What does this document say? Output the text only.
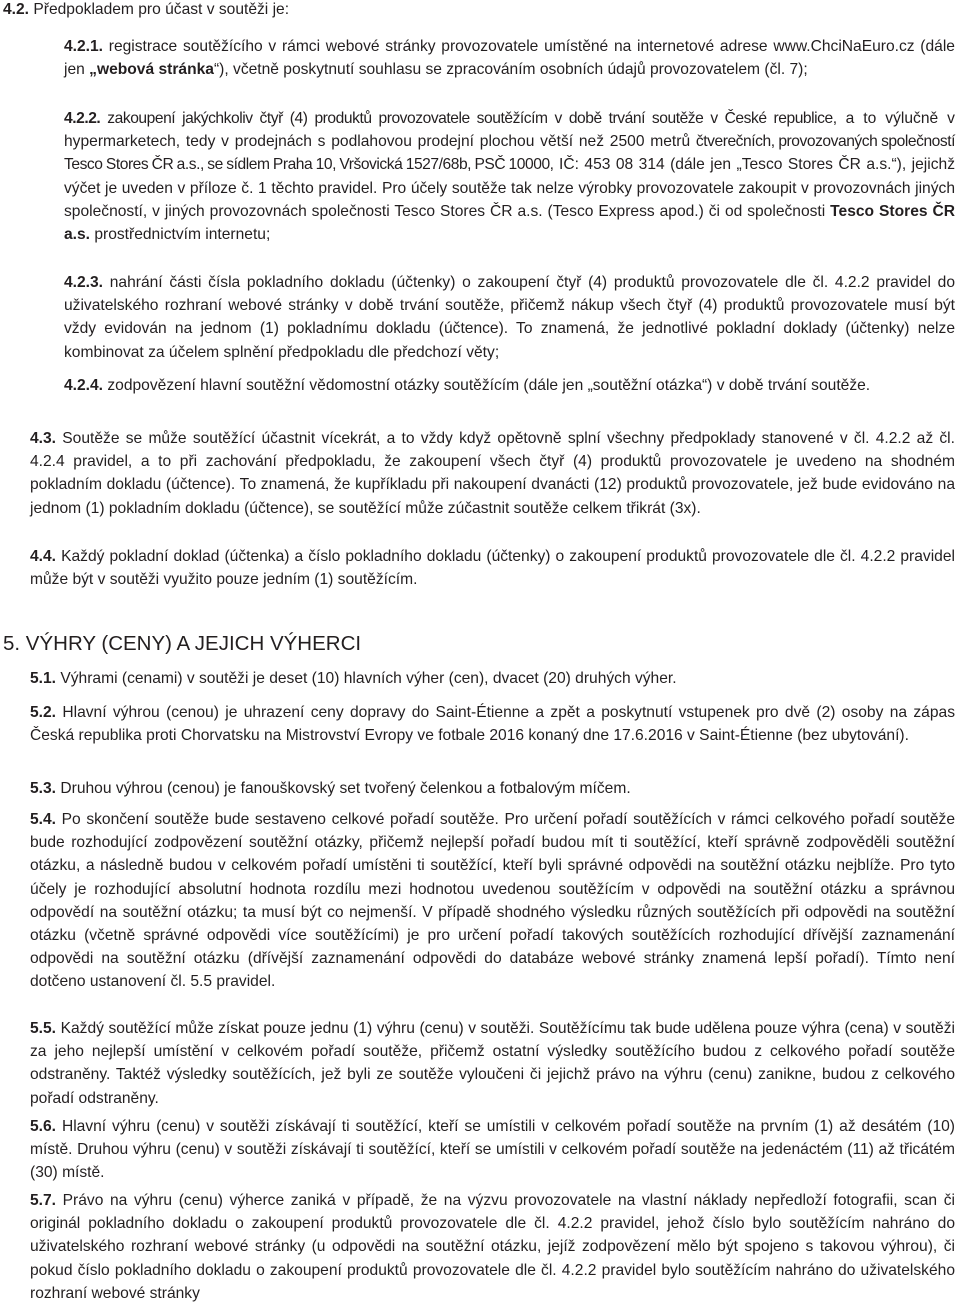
4.2. Předpokladem pro účast v soutěži je:

4.2.1. registrace soutěžícího v rámci webové stránky provozovatele umístěné na internetové adrese www.ChciNaEuro.cz (dále jen „webová stránka“), včetně poskytnutí souhlasu se zpracováním osobních údajů provozovatelem (čl. 7);

4.2.2. zakoupení jakýchkoliv čtyř (4) produktů provozovatele soutěžícím v době trvání soutěže v České republice, a to výlučně v hypermarketech, tedy v prodejnách s podlahovou prodejní plochou větší než 2500 metrů čtverečních, provozovaných společností Tesco Stores ČR a.s., se sídlem Praha 10, Vršovická 1527/68b, PSČ 10000, IČ: 453 08 314 (dále jen „Tesco Stores ČR a.s.“), jejichž výčet je uveden v příloze č. 1 těchto pravidel. Pro účely soutěže tak nelze výrobky provozovatele zakoupit v provozovnách jiných společností, v jiných provozovnách společnosti Tesco Stores ČR a.s. (Tesco Express apod.) či od společnosti Tesco Stores ČR a.s. prostřednictvím internetu;

4.2.3. nahrání části čísla pokladního dokladu (účtenky) o zakoupení čtyř (4) produktů provozovatele dle čl. 4.2.2 pravidel do uživatelského rozhraní webové stránky v době trvání soutěže, přičemž nákup všech čtyř (4) produktů provozovatele musí být vždy evidován na jednom (1) pokladnímu dokladu (účtence). To znamená, že jednotlivé pokladní doklady (účtenky) nelze kombinovat za účelem splnění předpokladu dle předchozí věty;

4.2.4. zodpovězení hlavní soutěžní vědomostní otázky soutěžícím (dále jen „soutěžní otázka“) v době trvání soutěže.

4.3. Soutěže se může soutěžící účastnit vícekrát, a to vždy když opětovně splní všechny předpoklady stanovené v čl. 4.2.2 až čl. 4.2.4 pravidel, a to při zachování předpokladu, že zakoupení všech čtyř (4) produktů provozovatele je uvedeno na shodném pokladním dokladu (účtence). To znamená, že kupříkladu při nakoupení dvanácti (12) produktů provozovatele, jež bude evidováno na jednom (1) pokladním dokladu (účtence), se soutěžící může zúčastnit soutěže celkem třikrát (3x).

4.4. Každý pokladní doklad (účtenka) a číslo pokladního dokladu (účtenky) o zakoupení produktů provozovatele dle čl. 4.2.2 pravidel může být v soutěži využito pouze jedním (1) soutěžícím.

5. VÝHRY (CENY) A JEJICH VÝHERCI

5.1. Výhrami (cenami) v soutěži je deset (10) hlavních výher (cen), dvacet (20) druhých výher.

5.2. Hlavní výhrou (cenou) je uhrazení ceny dopravy do Saint-Étienne a zpět a poskytnutí vstupenek pro dvě (2) osoby na zápas Česká republika proti Chorvatsku na Mistrovství Evropy ve fotbale 2016 konaný dne 17.6.2016 v Saint-Étienne (bez ubytování).

5.3. Druhou výhrou (cenou) je fanouškovský set tvořený čelenkou a fotbalovým míčem.

5.4. Po skončení soutěže bude sestaveno celkové pořadí soutěže. Pro určení pořadí soutěžících v rámci celkového pořadí soutěže bude rozhodující zodpovězení soutěžní otázky, přičemž nejlepší pořadí budou mít ti soutěžící, kteří správně zodpověděli soutěžní otázku, a následně budou v celkovém pořadí umístěni ti soutěžící, kteří byli správné odpovědi na soutěžní otázku nejblíže. Pro tyto účely je rozhodující absolutní hodnota rozdílu mezi hodnotou uvedenou soutěžícím v odpovědi na soutěžní otázku a správnou odpovědí na soutěžní otázku; ta musí být co nejmenší. V případě shodného výsledku různých soutěžících při odpovědi na soutěžní otázku (včetně správné odpovědi více soutěžícími) je pro určení pořadí takových soutěžících rozhodující dřívější zaznamenání odpovědi na soutěžní otázku (dřívější zaznamenání odpovědi do databáze webové stránky znamená lepší pořadí). Tímto není dotčeno ustanovení čl. 5.5 pravidel.

5.5. Každý soutěžící může získat pouze jednu (1) výhru (cenu) v soutěži. Soutěžícímu tak bude udělena pouze výhra (cena) v soutěži za jeho nejlepší umístění v celkovém pořadí soutěže, přičemž ostatní výsledky soutěžícího budou z celkového pořadí soutěže odstraněny. Taktéž výsledky soutěžících, jež byli ze soutěže vyloučeni či jejichž právo na výhru (cenu) zanikne, budou z celkového pořadí odstraněny.

5.6. Hlavní výhru (cenu) v soutěži získávají ti soutěžící, kteří se umístili v celkovém pořadí soutěže na prvním (1) až desátém (10) místě. Druhou výhru (cenu) v soutěži získávají ti soutěžící, kteří se umístili v celkovém pořadí soutěže na jedenáctém (11) až třicátém (30) místě.

5.7. Právo na výhru (cenu) výherce zaniká v případě, že na výzvu provozovatele na vlastní náklady nepředloží fotografii, scan či originál pokladního dokladu o zakoupení produktů provozovatele dle čl. 4.2.2 pravidel, jehož číslo bylo soutěžícím nahráno do uživatelského rozhraní webové stránky (u odpovědi na soutěžní otázku, jejíž zodpovězení mělo být spojeno s takovou výhrou), či pokud číslo pokladního dokladu o zakoupení produktů provozovatele dle čl. 4.2.2 pravidel bylo soutěžícím nahráno do uživatelského rozhraní webové stránky
